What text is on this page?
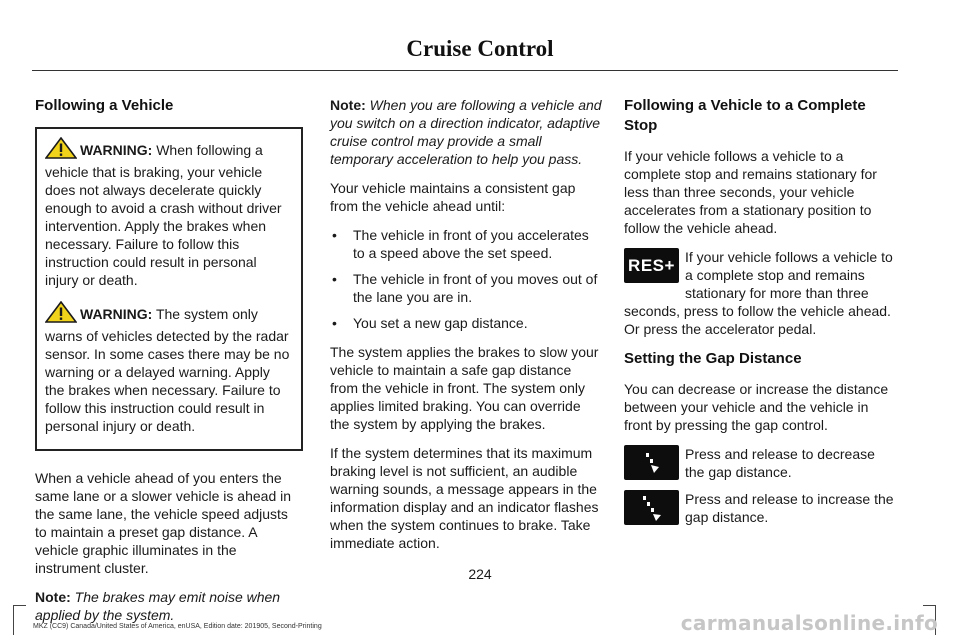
Cruise Control
Following a Vehicle

WARNING: When following a vehicle that is braking, your vehicle does not always decelerate quickly enough to avoid a crash without driver intervention. Apply the brakes when necessary. Failure to follow this instruction could result in personal injury or death.

WARNING: The system only warns of vehicles detected by the radar sensor. In some cases there may be no warning or a delayed warning. Apply the brakes when necessary. Failure to follow this instruction could result in personal injury or death.

When a vehicle ahead of you enters the same lane or a slower vehicle is ahead in the same lane, the vehicle speed adjusts to maintain a preset gap distance. A vehicle graphic illuminates in the instrument cluster.

Note: The brakes may emit noise when applied by the system.

Note: When you are following a vehicle and you switch on a direction indicator, adaptive cruise control may provide a small temporary acceleration to help you pass.

Your vehicle maintains a consistent gap from the vehicle ahead until:

• The vehicle in front of you accelerates to a speed above the set speed.
• The vehicle in front of you moves out of the lane you are in.
• You set a new gap distance.

The system applies the brakes to slow your vehicle to maintain a safe gap distance from the vehicle in front. The system only applies limited braking. You can override the system by applying the brakes.

If the system determines that its maximum braking level is not sufficient, an audible warning sounds, a message appears in the information display and an indicator flashes when the system continues to brake. Take immediate action.

Following a Vehicle to a Complete Stop

If your vehicle follows a vehicle to a complete stop and remains stationary for less than three seconds, your vehicle accelerates from a stationary position to follow the vehicle ahead.

RES+ If your vehicle follows a vehicle to a complete stop and remains stationary for more than three seconds, press to follow the vehicle ahead. Or press the accelerator pedal.
Setting the Gap Distance

You can decrease or increase the distance between your vehicle and the vehicle in front by pressing the gap control.

Press and release to decrease the gap distance.
Press and release to increase the gap distance.
224
MKZ (CC9) Canada/United States of America, enUSA, Edition date: 201905, Second-Printing	carmanualsonline.info
